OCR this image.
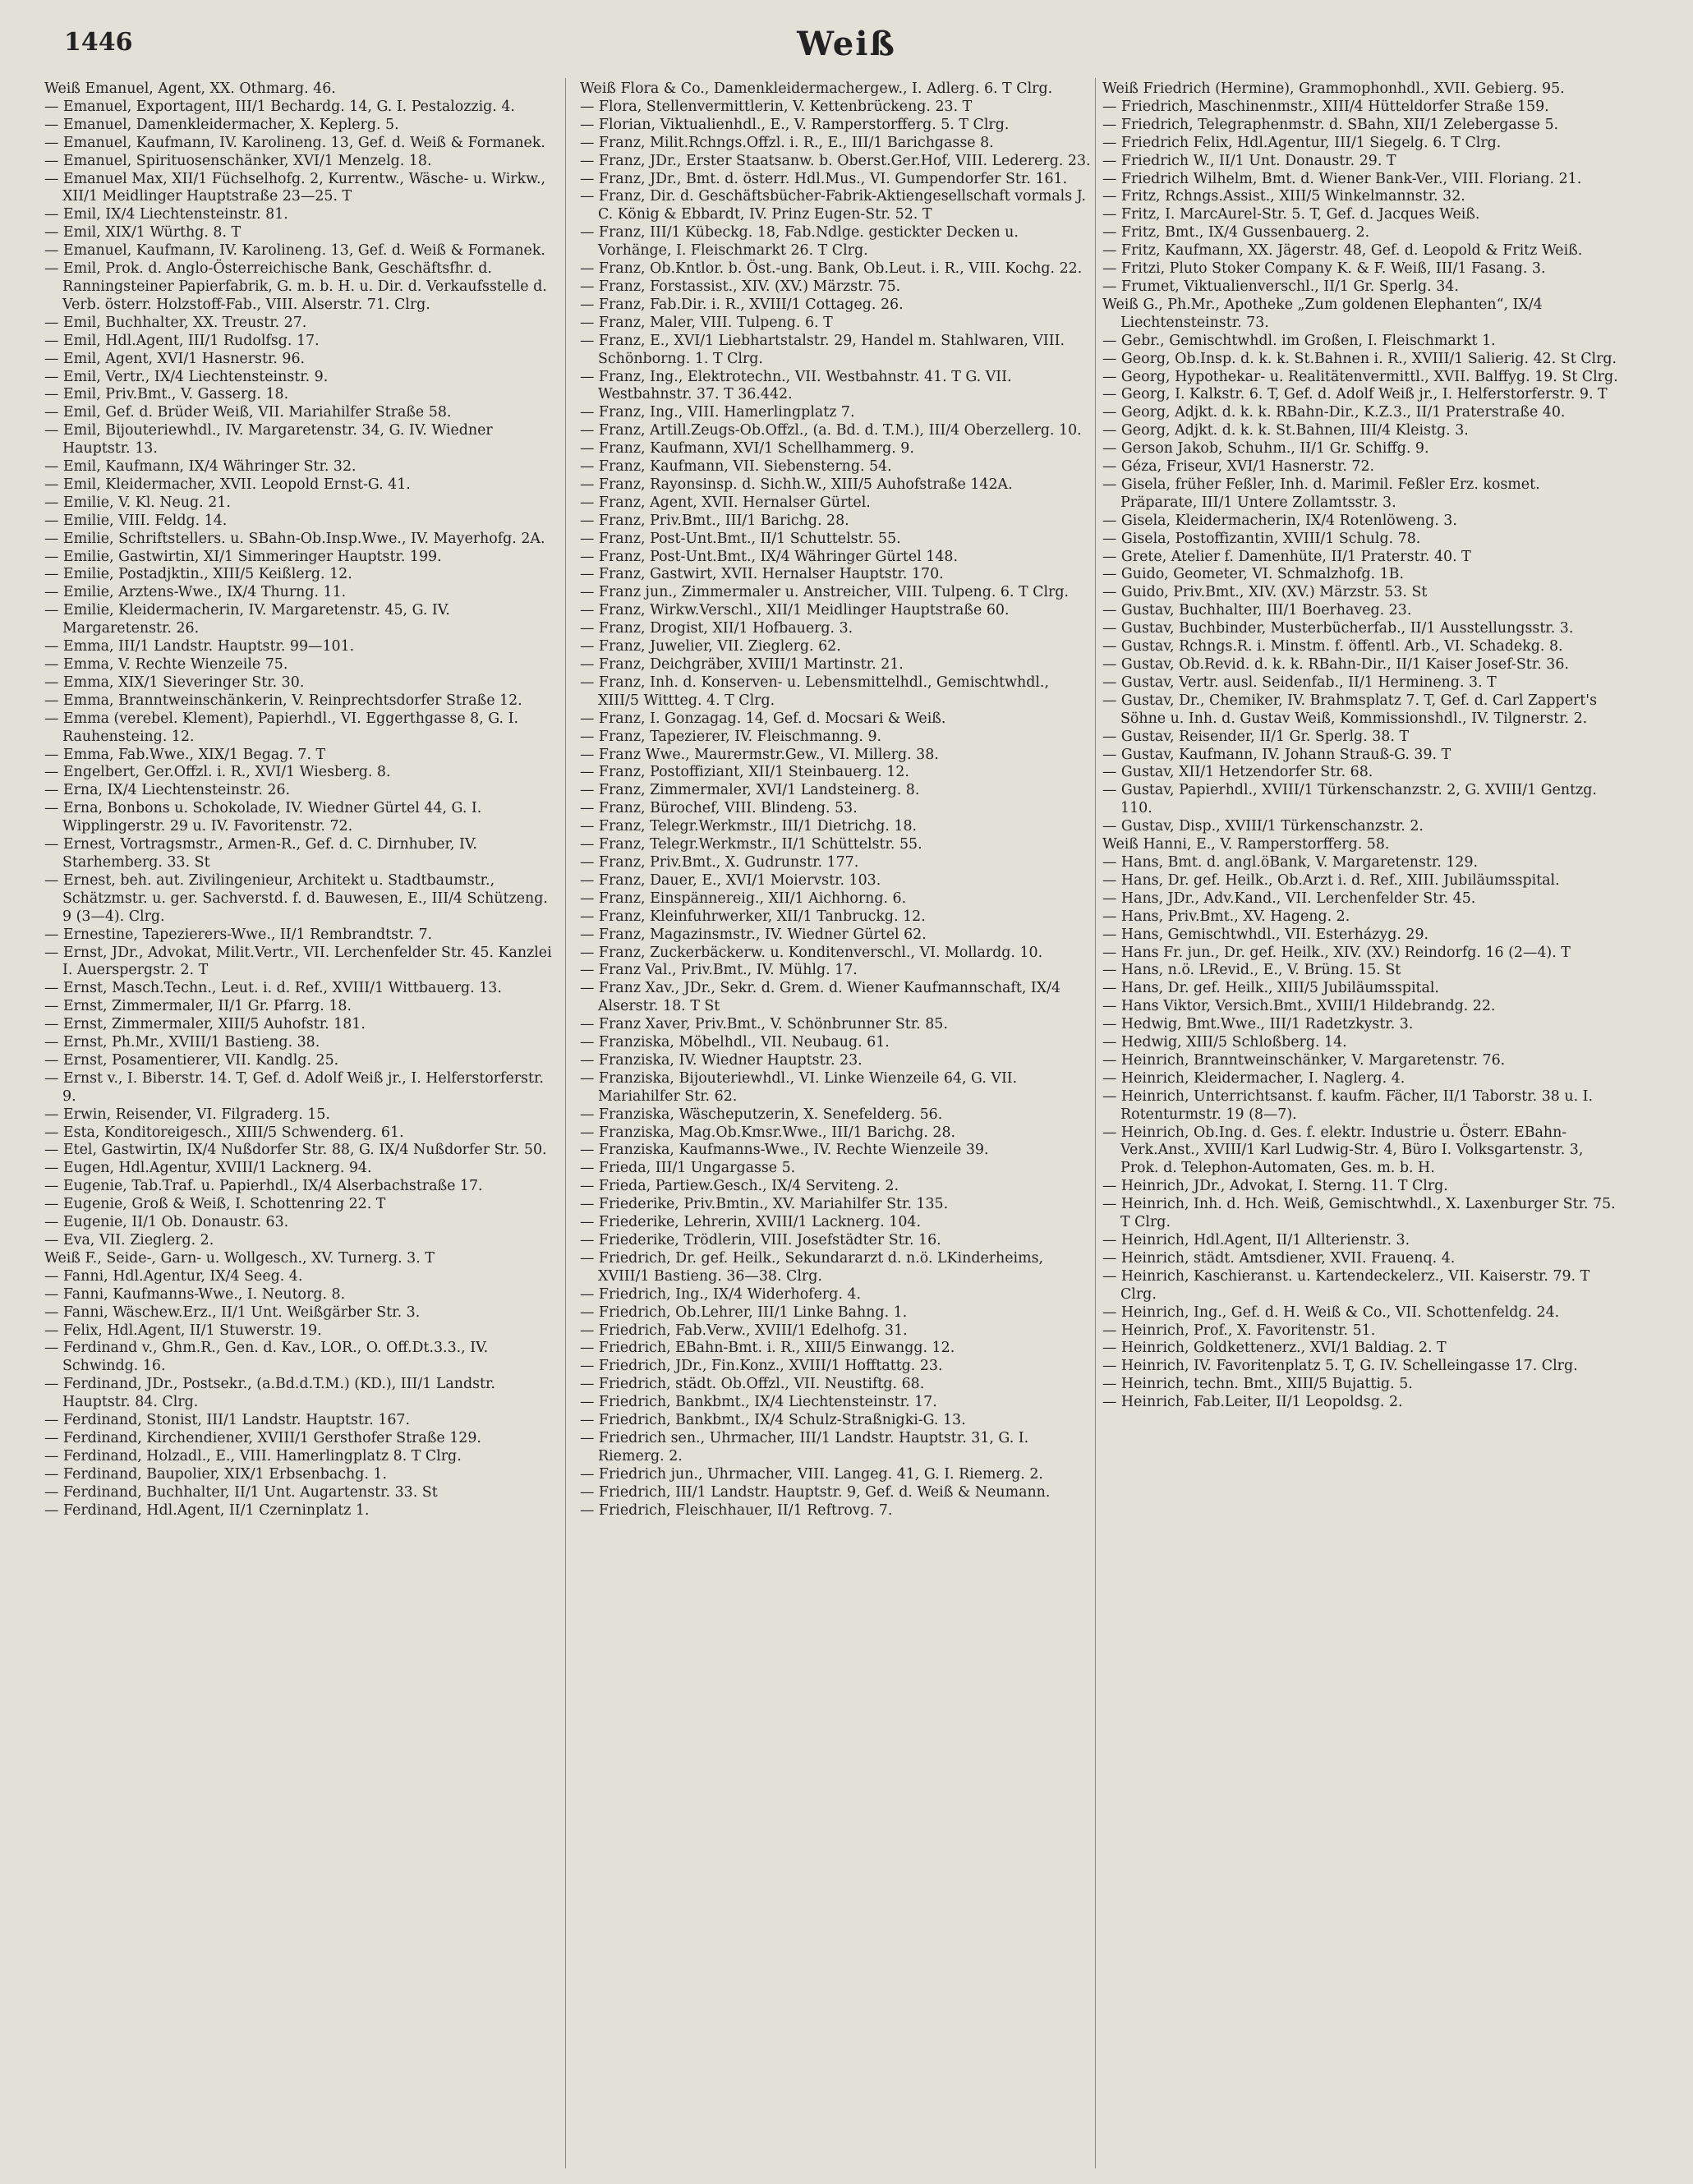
1446	Weiß

Weiß Emanuel, Agent, XX. Othmarg. 46.

— Emanuel, Exportagent, III/1 Bechardg. 14, G. I. Pestalozzig. 4.

— Emanuel, Damenkleidermacher, X. Keplerg. 5.

— Emanuel, Kaufmann, IV. Karolineng. 13, Gef. d. Weiß & Formanek.

— Emanuel, Spirituosenschänker, XVI/1 Menzelg. 18.

— Emanuel Max, XII/1 Füchselhofg. 2, Kurrentw., Wäsche- u. Wirkw., XII/1 Meidlinger Hauptstraße 23—25. T

— Emil, IX/4 Liechtensteinstr. 81.

— Emil, XIX/1 Würthg. 8. T

— Emanuel, Kaufmann, IV. Karolineng. 13, Gef. d. Weiß & Formanek.

— Emil, Prok. d. Anglo-Österreichische Bank, Geschäftsfhr. d. Ranningsteiner Papierfabrik, G. m. b. H. u. Dir. d. Verkaufsstelle d. Verb. österr. Holzstoff-Fab., VIII. Alserstr. 71. Clrg.

— Emil, Buchhalter, XX. Treustr. 27.

— Emil, Hdl.Agent, III/1 Rudolfsg. 17.

— Emil, Agent, XVI/1 Hasnerstr. 96.

— Emil, Vertr., IX/4 Liechtensteinstr. 9.

— Emil, Priv.Bmt., V. Gasserg. 18.

— Emil, Gef. d. Brüder Weiß, VII. Mariahilfer Straße 58.

— Emil, Bijouteriewhdl., IV. Margaretenstr. 34, G. IV. Wiedner Hauptstr. 13.

— Emil, Kaufmann, IX/4 Währinger Str. 32.

— Emil, Kleidermacher, XVII. Leopold Ernst-G. 41.

— Emilie, V. Kl. Neug. 21.

— Emilie, VIII. Feldg. 14.

— Emilie, Schriftstellers. u. SBahn-Ob.Insp.Wwe., IV. Mayerhofg. 2A.

— Emilie, Gastwirtin, XI/1 Simmeringer Hauptstr. 199.

— Emilie, Postadjktin., XIII/5 Keißlerg. 12.

— Emilie, Arztens-Wwe., IX/4 Thurng. 11.

— Emilie, Kleidermacherin, IV. Margaretenstr. 45, G. IV. Margaretenstr. 26.

— Emma, III/1 Landstr. Hauptstr. 99—101.

— Emma, V. Rechte Wienzeile 75.

— Emma, XIX/1 Sieveringer Str. 30.

— Emma, Branntweinschänkerin, V. Reinprechtsdorfer Straße 12.

— Emma (verebel. Klement), Papierhdl., VI. Eggerthgasse 8, G. I. Rauhensteing. 12.

— Emma, Fab.Wwe., XIX/1 Begag. 7. T

— Engelbert, Ger.Offzl. i. R., XVI/1 Wiesberg. 8.

— Erna, IX/4 Liechtensteinstr. 26.

— Erna, Bonbons u. Schokolade, IV. Wiedner Gürtel 44, G. I. Wipplingerstr. 29 u. IV. Favoritenstr. 72.

— Ernest, Vortragsmstr., Armen-R., Gef. d. C. Dirnhuber, IV. Starhemberg. 33. St

— Ernest, beh. aut. Zivilingenieur, Architekt u. Stadtbaumstr., Schätzmstr. u. ger. Sachverstd. f. d. Bauwesen, E., III/4 Schützeng. 9 (3—4). Clrg.

— Ernestine, Tapezierers-Wwe., II/1 Rembrandtstr. 7.

— Ernst, JDr., Advokat, Milit.Vertr., VII. Lerchenfelder Str. 45. Kanzlei I. Auerspergstr. 2. T

— Ernst, Masch.Techn., Leut. i. d. Ref., XVIII/1 Wittbauerg. 13.

— Ernst, Zimmermaler, II/1 Gr. Pfarrg. 18.

— Ernst, Zimmermaler, XIII/5 Auhofstr. 181.

— Ernst, Ph.Mr., XVIII/1 Bastieng. 38.

— Ernst, Posamentierer, VII. Kandlg. 25.

— Ernst v., I. Biberstr. 14. T, Gef. d. Adolf Weiß jr., I. Helferstorferstr. 9.

— Erwin, Reisender, VI. Filgraderg. 15.

— Esta, Konditoreigesch., XIII/5 Schwenderg. 61.

— Etel, Gastwirtin, IX/4 Nußdorfer Str. 88, G. IX/4 Nußdorfer Str. 50.

— Eugen, Hdl.Agentur, XVIII/1 Lacknerg. 94.

— Eugenie, Tab.Traf. u. Papierhdl., IX/4 Alserbachstraße 17.

— Eugenie, Groß & Weiß, I. Schottenring 22. T

— Eugenie, II/1 Ob. Donaustr. 63.

— Eva, VII. Zieglerg. 2.

Weiß F., Seide-, Garn- u. Wollgesch., XV. Turnerg. 3. T

— Fanni, Hdl.Agentur, IX/4 Seeg. 4.

— Fanni, Kaufmanns-Wwe., I. Neutorg. 8.

— Fanni, Wäschew.Erz., II/1 Unt. Weißgärber Str. 3.

— Felix, Hdl.Agent, II/1 Stuwerstr. 19.

— Ferdinand v., Ghm.R., Gen. d. Kav., LOR., O. Off.Dt.3.3., IV. Schwindg. 16.

— Ferdinand, JDr., Postsekr., (a.Bd.d.T.M.) (KD.), III/1 Landstr. Hauptstr. 84. Clrg.

— Ferdinand, Stonist, III/1 Landstr. Hauptstr. 167.

— Ferdinand, Kirchendiener, XVIII/1 Gersthofer Straße 129.

— Ferdinand, Holzadl., E., VIII. Hamerlingplatz 8. T Clrg.

— Ferdinand, Baupolier, XIX/1 Erbsenbachg. 1.

— Ferdinand, Buchhalter, II/1 Unt. Augartenstr. 33. St

— Ferdinand, Hdl.Agent, II/1 Czerninplatz 1.

Weiß Flora & Co., Damenkleidermachergew., I. Adlerg. 6. T Clrg.

— Flora, Stellenvermittlerin, V. Kettenbrückeng. 23. T

— Florian, Viktualienhdl., E., V. Ramperstorfferg. 5. T Clrg.

— Franz, Milit.Rchngs.Offzl. i. R., E., III/1 Barichgasse 8.

— Franz, JDr., Erster Staatsanw. b. Oberst.Ger.Hof, VIII. Ledererg. 23.

— Franz, JDr., Bmt. d. österr. Hdl.Mus., VI. Gumpendorfer Str. 161.

— Franz, Dir. d. Geschäftsbücher-Fabrik-Aktiengesellschaft vormals J. C. König & Ebbardt, IV. Prinz Eugen-Str. 52. T

— Franz, III/1 Kübeckg. 18, Fab.Ndlge. gestickter Decken u. Vorhänge, I. Fleischmarkt 26. T Clrg.

— Franz, Ob.Kntlor. b. Öst.-ung. Bank, Ob.Leut. i. R., VIII. Kochg. 22.

— Franz, Forstassist., XIV. (XV.) Märzstr. 75.

— Franz, Fab.Dir. i. R., XVIII/1 Cottageg. 26.

— Franz, Maler, VIII. Tulpeng. 6. T

— Franz, E., XVI/1 Liebhartstalstr. 29, Handel m. Stahlwaren, VIII. Schönborng. 1. T Clrg.

— Franz, Ing., Elektrotechn., VII. Westbahnstr. 41. T G. VII. Westbahnstr. 37. T 36.442.

— Franz, Ing., VIII. Hamerlingplatz 7.

— Franz, Artill.Zeugs-Ob.Offzl., (a. Bd. d. T.M.), III/4 Oberzellerg. 10.

— Franz, Kaufmann, XVI/1 Schellhammerg. 9.

— Franz, Kaufmann, VII. Siebensterng. 54.

— Franz, Rayonsinsp. d. Sichh.W., XIII/5 Auhofstraße 142A.

— Franz, Agent, XVII. Hernalser Gürtel.

— Franz, Priv.Bmt., III/1 Barichg. 28.

— Franz, Post-Unt.Bmt., II/1 Schuttelstr. 55.

— Franz, Post-Unt.Bmt., IX/4 Währinger Gürtel 148.

— Franz, Gastwirt, XVII. Hernalser Hauptstr. 170.

— Franz jun., Zimmermaler u. Anstreicher, VIII. Tulpeng. 6. T Clrg.

— Franz, Wirkw.Verschl., XII/1 Meidlinger Hauptstraße 60.

— Franz, Drogist, XII/1 Hofbauerg. 3.

— Franz, Juwelier, VII. Zieglerg. 62.

— Franz, Deichgräber, XVIII/1 Martinstr. 21.

— Franz, Inh. d. Konserven- u. Lebensmittelhdl., Gemischtwhdl., XIII/5 Wittteg. 4. T Clrg.

— Franz, I. Gonzagag. 14, Gef. d. Mocsari & Weiß.

— Franz, Tapezierer, IV. Fleischmanng. 9.

— Franz Wwe., Maurermstr.Gew., VI. Millerg. 38.

— Franz, Postoffiziant, XII/1 Steinbauerg. 12.

— Franz, Zimmermaler, XVI/1 Landsteinerg. 8.

— Franz, Bürochef, VIII. Blindeng. 53.

— Franz, Telegr.Werkmstr., III/1 Dietrichg. 18.

— Franz, Telegr.Werkmstr., II/1 Schüttelstr. 55.

— Franz, Priv.Bmt., X. Gudrunstr. 177.

— Franz, Dauer, E., XVI/1 Moiervstr. 103.

— Franz, Einspännereig., XII/1 Aichhorng. 6.

— Franz, Kleinfuhrwerker, XII/1 Tanbruckg. 12.

— Franz, Magazinsmstr., IV. Wiedner Gürtel 62.

— Franz, Zuckerbäckerw. u. Konditenverschl., VI. Mollardg. 10.

— Franz Val., Priv.Bmt., IV. Mühlg. 17.

— Franz Xav., JDr., Sekr. d. Grem. d. Wiener Kaufmannschaft, IX/4 Alserstr. 18. T St

— Franz Xaver, Priv.Bmt., V. Schönbrunner Str. 85.

— Franziska, Möbelhdl., VII. Neubaug. 61.

— Franziska, IV. Wiedner Hauptstr. 23.

— Franziska, Bijouteriewhdl., VI. Linke Wienzeile 64, G. VII. Mariahilfer Str. 62.

— Franziska, Wäscheputzerin, X. Senefelderg. 56.

— Franziska, Mag.Ob.Kmsr.Wwe., III/1 Barichg. 28.

— Franziska, Kaufmanns-Wwe., IV. Rechte Wienzeile 39.

— Frieda, III/1 Ungargasse 5.

— Frieda, Partiew.Gesch., IX/4 Serviteng. 2.

— Friederike, Priv.Bmtin., XV. Mariahilfer Str. 135.

— Friederike, Lehrerin, XVIII/1 Lacknerg. 104.

— Friederike, Trödlerin, VIII. Josefstädter Str. 16.

— Friedrich, Dr. gef. Heilk., Sekundararzt d. n.ö. LKinderheims, XVIII/1 Bastieng. 36—38. Clrg.

— Friedrich, Ing., IX/4 Widerhoferg. 4.

— Friedrich, Ob.Lehrer, III/1 Linke Bahng. 1.

— Friedrich, Fab.Verw., XVIII/1 Edelhofg. 31.

— Friedrich, EBahn-Bmt. i. R., XIII/5 Einwangg. 12.

— Friedrich, JDr., Fin.Konz., XVIII/1 Hofftattg. 23.

— Friedrich, städt. Ob.Offzl., VII. Neustiftg. 68.

— Friedrich, Bankbmt., IX/4 Liechtensteinstr. 17.

— Friedrich, Bankbmt., IX/4 Schulz-Straßnigki-G. 13.

— Friedrich sen., Uhrmacher, III/1 Landstr. Hauptstr. 31, G. I. Riemerg. 2.

— Friedrich jun., Uhrmacher, VIII. Langeg. 41, G. I. Riemerg. 2.

— Friedrich, III/1 Landstr. Hauptstr. 9, Gef. d. Weiß & Neumann.

— Friedrich, Fleischhauer, II/1 Reftrovg. 7.

Weiß Friedrich (Hermine), Grammophonhdl., XVII. Gebierg. 95.

— Friedrich, Maschinenmstr., XIII/4 Hütteldorfer Straße 159.

— Friedrich, Telegraphenmstr. d. SBahn, XII/1 Zelebergasse 5.

— Friedrich Felix, Hdl.Agentur, III/1 Siegelg. 6. T Clrg.

— Friedrich W., II/1 Unt. Donaustr. 29. T

— Friedrich Wilhelm, Bmt. d. Wiener Bank-Ver., VIII. Floriang. 21.

— Fritz, Rchngs.Assist., XIII/5 Winkelmannstr. 32.

— Fritz, I. MarcAurel-Str. 5. T, Gef. d. Jacques Weiß.

— Fritz, Bmt., IX/4 Gussenbauerg. 2.

— Fritz, Kaufmann, XX. Jägerstr. 48, Gef. d. Leopold & Fritz Weiß.

— Fritzi, Pluto Stoker Company K. & F. Weiß, III/1 Fasang. 3.

— Frumet, Viktualienverschl., II/1 Gr. Sperlg. 34.

Weiß G., Ph.Mr., Apotheke „Zum goldenen Elephanten“, IX/4 Liechtensteinstr. 73.

— Gebr., Gemischtwhdl. im Großen, I. Fleischmarkt 1.

— Georg, Ob.Insp. d. k. k. St.Bahnen i. R., XVIII/1 Salierig. 42. St Clrg.

— Georg, Hypothekar- u. Realitätenvermittl., XVII. Balffyg. 19. St Clrg.

— Georg, I. Kalkstr. 6. T, Gef. d. Adolf Weiß jr., I. Helferstorferstr. 9. T

— Georg, Adjkt. d. k. k. RBahn-Dir., K.Z.3., II/1 Praterstraße 40.

— Georg, Adjkt. d. k. k. St.Bahnen, III/4 Kleistg. 3.

— Gerson Jakob, Schuhm., II/1 Gr. Schiffg. 9.

— Géza, Friseur, XVI/1 Hasnerstr. 72.

— Gisela, früher Feßler, Inh. d. Marimil. Feßler Erz. kosmet. Präparate, III/1 Untere Zollamtsstr. 3.

— Gisela, Kleidermacherin, IX/4 Rotenlöweng. 3.

— Gisela, Postoffizantin, XVIII/1 Schulg. 78.

— Grete, Atelier f. Damenhüte, II/1 Praterstr. 40. T

— Guido, Geometer, VI. Schmalzhofg. 1B.

— Guido, Priv.Bmt., XIV. (XV.) Märzstr. 53. St

— Gustav, Buchhalter, III/1 Boerhaveg. 23.

— Gustav, Buchbinder, Musterbücherfab., II/1 Ausstellungsstr. 3.

— Gustav, Rchngs.R. i. Minstm. f. öffentl. Arb., VI. Schadekg. 8.

— Gustav, Ob.Revid. d. k. k. RBahn-Dir., II/1 Kaiser Josef-Str. 36.

— Gustav, Vertr. ausl. Seidenfab., II/1 Hermineng. 3. T

— Gustav, Dr., Chemiker, IV. Brahmsplatz 7. T, Gef. d. Carl Zappert's Söhne u. Inh. d. Gustav Weiß, Kommissionshdl., IV. Tilgnerstr. 2.

— Gustav, Reisender, II/1 Gr. Sperlg. 38. T

— Gustav, Kaufmann, IV. Johann Strauß-G. 39. T

— Gustav, XII/1 Hetzendorfer Str. 68.

— Gustav, Papierhdl., XVIII/1 Türkenschanzstr. 2, G. XVIII/1 Gentzg. 110.

— Gustav, Disp., XVIII/1 Türkenschanzstr. 2.

Weiß Hanni, E., V. Ramperstorfferg. 58.

— Hans, Bmt. d. angl.öBank, V. Margaretenstr. 129.

— Hans, Dr. gef. Heilk., Ob.Arzt i. d. Ref., XIII. Jubiläumsspital.

— Hans, JDr., Adv.Kand., VII. Lerchenfelder Str. 45.

— Hans, Priv.Bmt., XV. Hageng. 2.

— Hans, Gemischtwhdl., VII. Esterházyg. 29.

— Hans Fr. jun., Dr. gef. Heilk., XIV. (XV.) Reindorfg. 16 (2—4). T

— Hans, n.ö. LRevid., E., V. Brüng. 15. St

— Hans, Dr. gef. Heilk., XIII/5 Jubiläumsspital.

— Hans Viktor, Versich.Bmt., XVIII/1 Hildebrandg. 22.

— Hedwig, Bmt.Wwe., III/1 Radetzkystr. 3.

— Hedwig, XIII/5 Schloßberg. 14.

— Heinrich, Branntweinschänker, V. Margaretenstr. 76.

— Heinrich, Kleidermacher, I. Naglerg. 4.

— Heinrich, Unterrichtsanst. f. kaufm. Fächer, II/1 Taborstr. 38 u. I. Rotenturmstr. 19 (8—7).

— Heinrich, Ob.Ing. d. Ges. f. elektr. Industrie u. Österr. EBahn-Verk.Anst., XVIII/1 Karl Ludwig-Str. 4, Büro I. Volksgartenstr. 3, Prok. d. Telephon-Automaten, Ges. m. b. H.

— Heinrich, JDr., Advokat, I. Sterng. 11. T Clrg.

— Heinrich, Inh. d. Hch. Weiß, Gemischtwhdl., X. Laxenburger Str. 75. T Clrg.

— Heinrich, Hdl.Agent, II/1 Allterienstr. 3.

— Heinrich, städt. Amtsdiener, XVII. Frauenq. 4.

— Heinrich, Kaschieranst. u. Kartendeckelerz., VII. Kaiserstr. 79. T Clrg.

— Heinrich, Ing., Gef. d. H. Weiß & Co., VII. Schottenfeldg. 24.

— Heinrich, Prof., X. Favoritenstr. 51.

— Heinrich, Goldkettenerz., XVI/1 Baldiag. 2. T

— Heinrich, IV. Favoritenplatz 5. T, G. IV. Schelleingasse 17. Clrg.

— Heinrich, techn. Bmt., XIII/5 Bujattig. 5.

— Heinrich, Fab.Leiter, II/1 Leopoldsg. 2.
